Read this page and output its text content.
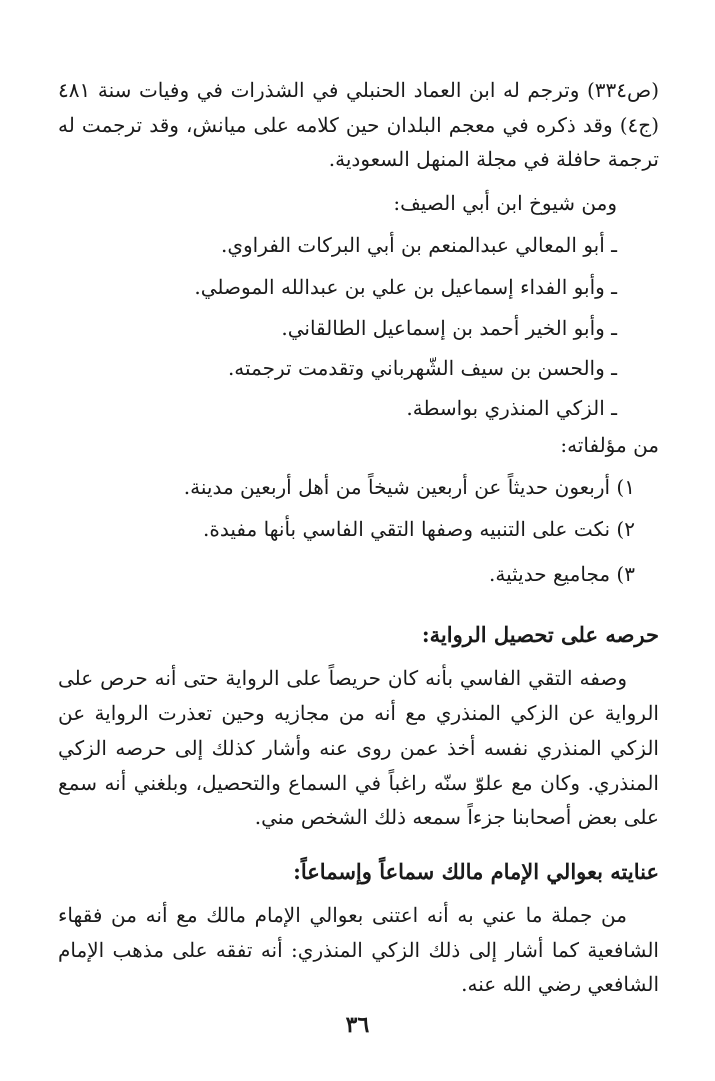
(ص٣٣٤) وترجم له ابن العماد الحنبلي في الشذرات في وفيات سنة ٤٨١
(ج٤) وقد ذكره في معجم البلدان حين كلامه على ميانش، وقد ترجمت له
ترجمة حافلة في مجلة المنهل السعودية.
ومن شيوخ ابن أبي الصيف:
ـ أبو المعالي عبدالمنعم بن أبي البركات الفراوي.
ـ وأبو الفداء إسماعيل بن علي بن عبدالله الموصلي.
ـ وأبو الخير أحمد بن إسماعيل الطالقاني.
ـ والحسن بن سيف الشّهرباني وتقدمت ترجمته.
ـ الزكي المنذري بواسطة.
من مؤلفاته:
١) أربعون حديثاً عن أربعين شيخاً من أهل أربعين مدينة.
٢) نكت على التنبيه وصفها التقي الفاسي بأنها مفيدة.
٣) مجاميع حديثية.
حرصه على تحصيل الرواية:
وصفه التقي الفاسي بأنه كان حريصاً على الرواية حتى أنه حرص على
الرواية عن الزكي المنذري مع أنه من مجازيه وحين تعذرت الرواية عن
الزكي المنذري نفسه أخذ عمن روى عنه وأشار كذلك إلى حرصه الزكي
المنذري. وكان مع علوّ سنّه راغباً في السماع والتحصيل، وبلغني أنه سمع
على بعض أصحابنا جزءاً سمعه ذلك الشخص مني.
عنايته بعوالي الإمام مالك سماعاً وإسماعاً:
من جملة ما عني به أنه اعتنى بعوالي الإمام مالك مع أنه من فقهاء
الشافعية كما أشار إلى ذلك الزكي المنذري: أنه تفقه على مذهب الإمام
الشافعي رضي الله عنه.
٣٦
